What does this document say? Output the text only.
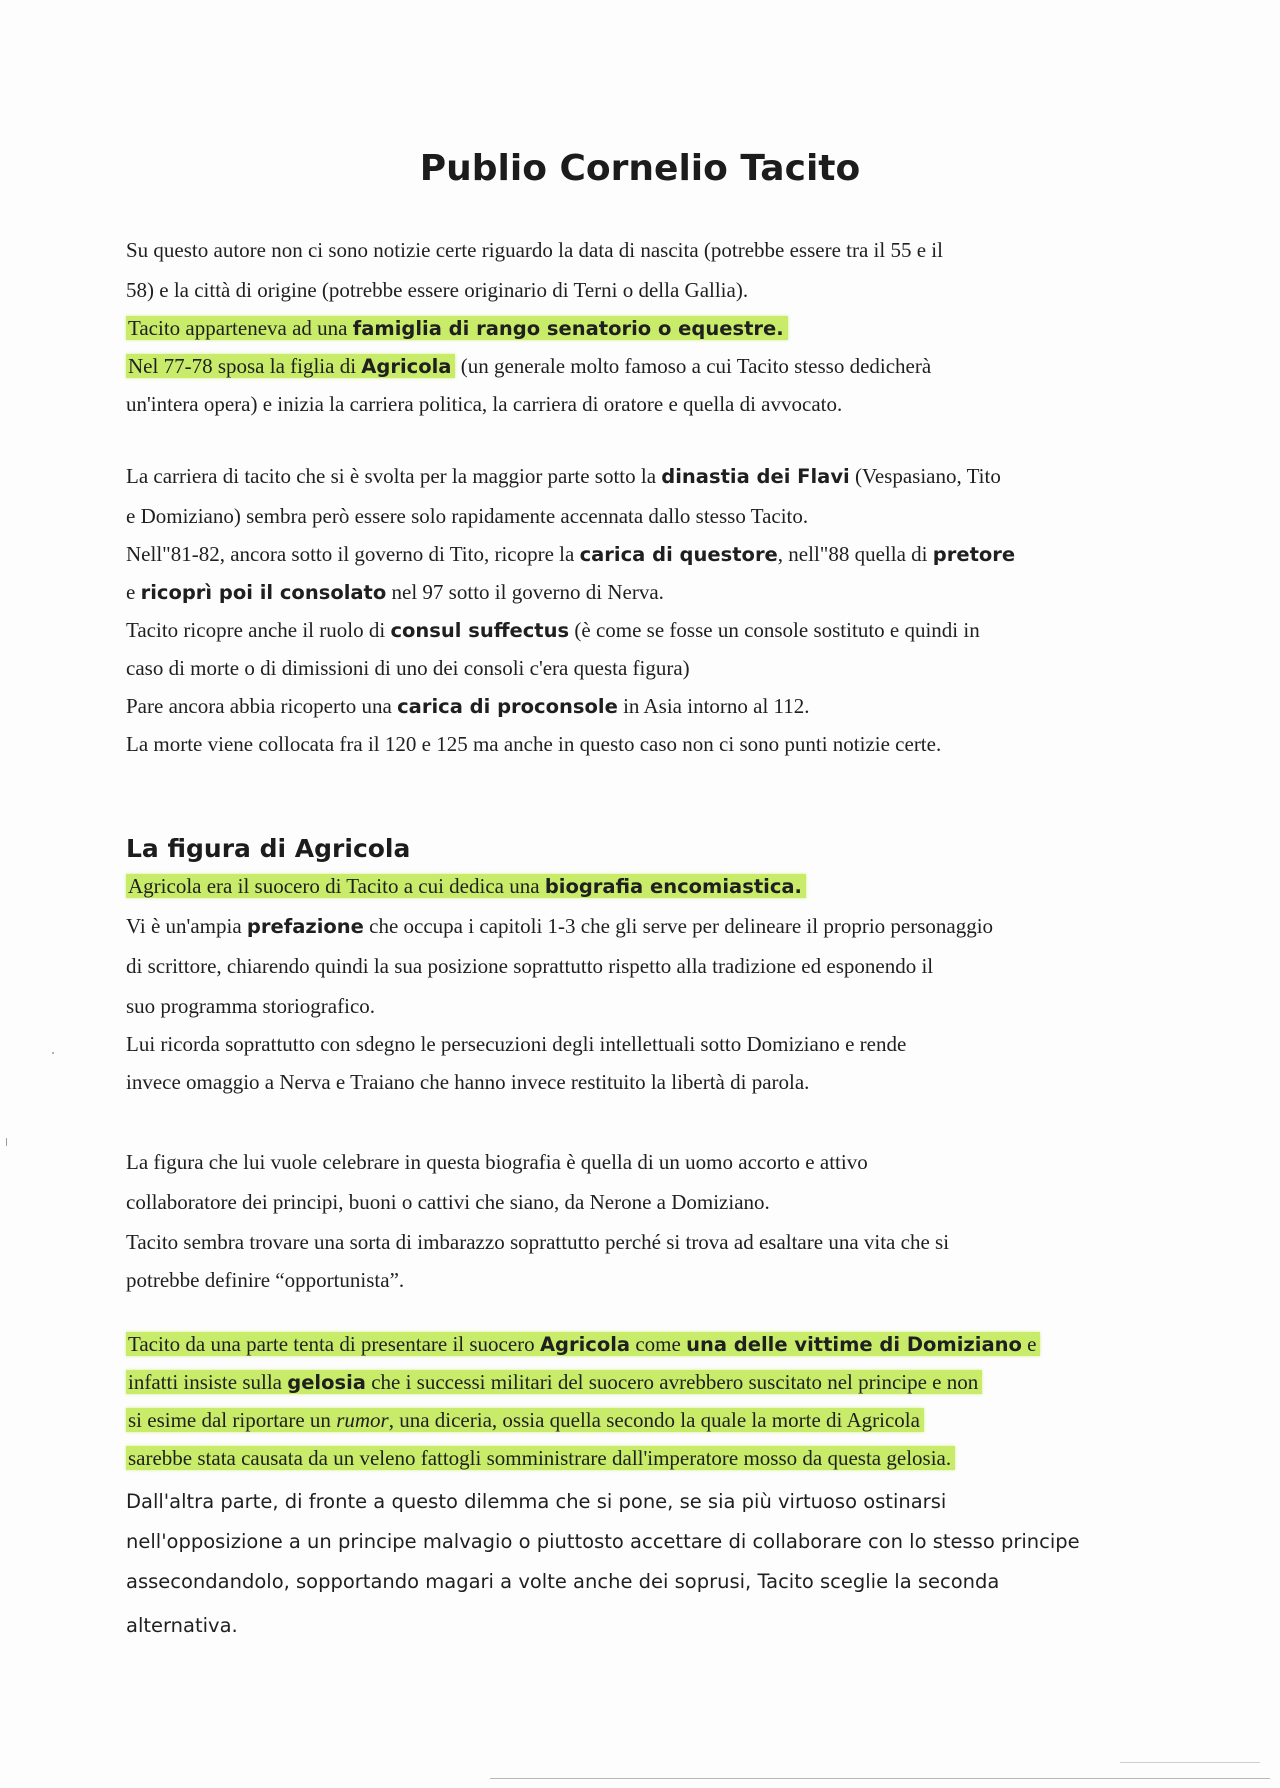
Publio Cornelio Tacito
Su questo autore non ci sono notizie certe riguardo la data di nascita (potrebbe essere tra il 55 e il
58) e la città di origine (potrebbe essere originario di Terni o della Gallia).
Tacito apparteneva ad una famiglia di rango senatorio o equestre.
Nel 77-78 sposa la figlia di Agricola (un generale molto famoso a cui Tacito stesso dedicherà
un'intera opera) e inizia la carriera politica, la carriera di oratore e quella di avvocato.
La carriera di tacito che si è svolta per la maggior parte sotto la dinastia dei Flavi (Vespasiano, Tito
e Domiziano) sembra però essere solo rapidamente accennata dallo stesso Tacito.
Nell"81-82, ancora sotto il governo di Tito, ricopre la carica di questore, nell"88 quella di pretore
e ricoprì poi il consolato nel 97 sotto il governo di Nerva.
Tacito ricopre anche il ruolo di consul suffectus (è come se fosse un console sostituto e quindi in
caso di morte o di dimissioni di uno dei consoli c'era questa figura)
Pare ancora abbia ricoperto una carica di proconsole in Asia intorno al 112.
La morte viene collocata fra il 120 e 125 ma anche in questo caso non ci sono punti notizie certe.
La figura di Agricola
Agricola era il suocero di Tacito a cui dedica una biografia encomiastica.
Vi è un'ampia prefazione che occupa i capitoli 1-3 che gli serve per delineare il proprio personaggio
di scrittore, chiarendo quindi la sua posizione soprattutto rispetto alla tradizione ed esponendo il
suo programma storiografico.
Lui ricorda soprattutto con sdegno le persecuzioni degli intellettuali sotto Domiziano e rende
invece omaggio a Nerva e Traiano che hanno invece restituito la libertà di parola.
La figura che lui vuole celebrare in questa biografia è quella di un uomo accorto e attivo
collaboratore dei principi, buoni o cattivi che siano, da Nerone a Domiziano.
Tacito sembra trovare una sorta di imbarazzo soprattutto perché si trova ad esaltare una vita che si
potrebbe definire “opportunista”.
Tacito da una parte tenta di presentare il suocero Agricola come una delle vittime di Domiziano e
infatti insiste sulla gelosia che i successi militari del suocero avrebbero suscitato nel principe e non
si esime dal riportare un rumor, una diceria, ossia quella secondo la quale la morte di Agricola
sarebbe stata causata da un veleno fattogli somministrare dall'imperatore mosso da questa gelosia.
Dall'altra parte, di fronte a questo dilemma che si pone, se sia più virtuoso ostinarsi
nell'opposizione a un principe malvagio o piuttosto accettare di collaborare con lo stesso principe
assecondandolo, sopportando magari a volte anche dei soprusi, Tacito sceglie la seconda
alternativa.
